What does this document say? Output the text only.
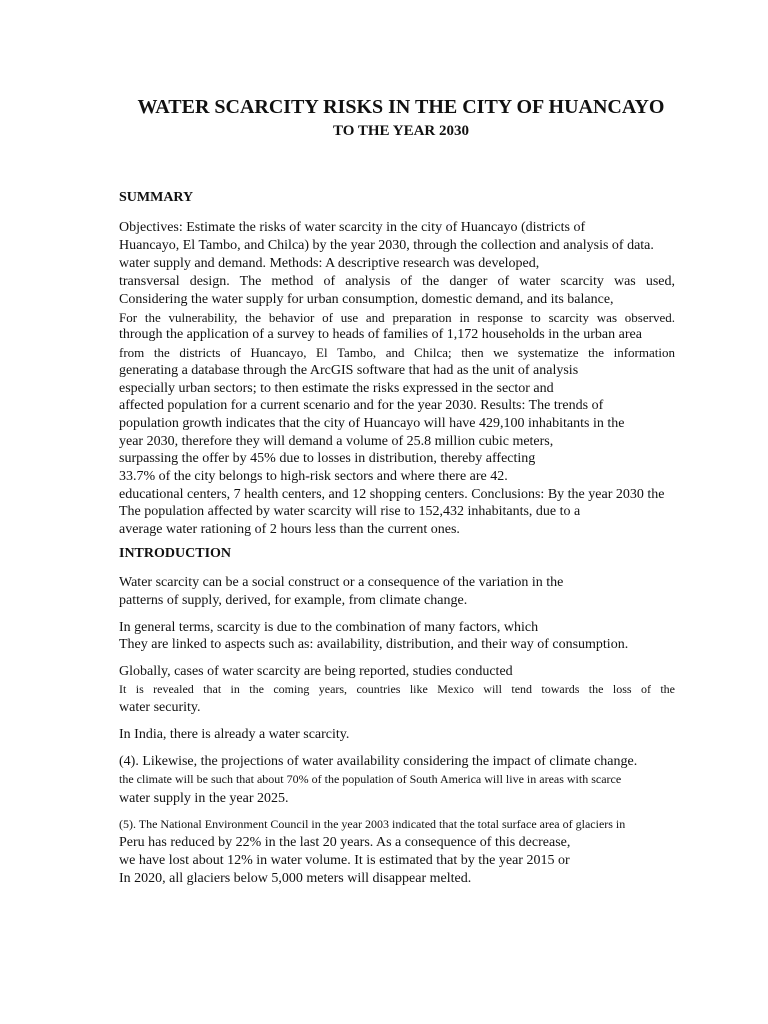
WATER SCARCITY RISKS IN THE CITY OF HUANCAYO
TO THE YEAR 2030
SUMMARY

Objectives: Estimate the risks of water scarcity in the city of Huancayo (districts of

Huancayo, El Tambo, and Chilca) by the year 2030, through the collection and analysis of data.

water supply and demand. Methods: A descriptive research was developed,

transversal design. The method of analysis of the danger of water scarcity was used,

Considering the water supply for urban consumption, domestic demand, and its balance,

For the vulnerability, the behavior of use and preparation in response to scarcity was observed.

through the application of a survey to heads of families of 1,172 households in the urban area

from the districts of Huancayo, El Tambo, and Chilca; then we systematize the information

generating a database through the ArcGIS software that had as the unit of analysis

especially urban sectors; to then estimate the risks expressed in the sector and

affected population for a current scenario and for the year 2030. Results: The trends of

population growth indicates that the city of Huancayo will have 429,100 inhabitants in the

year 2030, therefore they will demand a volume of 25.8 million cubic meters,

surpassing the offer by 45% due to losses in distribution, thereby affecting

33.7% of the city belongs to high-risk sectors and where there are 42.

educational centers, 7 health centers, and 12 shopping centers. Conclusions: By the year 2030 the

The population affected by water scarcity will rise to 152,432 inhabitants, due to a

average water rationing of 2 hours less than the current ones.

INTRODUCTION

Water scarcity can be a social construct or a consequence of the variation in the

patterns of supply, derived, for example, from climate change.

In general terms, scarcity is due to the combination of many factors, which

They are linked to aspects such as: availability, distribution, and their way of consumption.

Globally, cases of water scarcity are being reported, studies conducted

It is revealed that in the coming years, countries like Mexico will tend towards the loss of the

water security.

In India, there is already a water scarcity.

(4). Likewise, the projections of water availability considering the impact of climate change.

the climate will be such that about 70% of the population of South America will live in areas with scarce

water supply in the year 2025.

(5). The National Environment Council in the year 2003 indicated that the total surface area of glaciers in

Peru has reduced by 22% in the last 20 years. As a consequence of this decrease,

we have lost about 12% in water volume. It is estimated that by the year 2015 or

In 2020, all glaciers below 5,000 meters will disappear melted.
